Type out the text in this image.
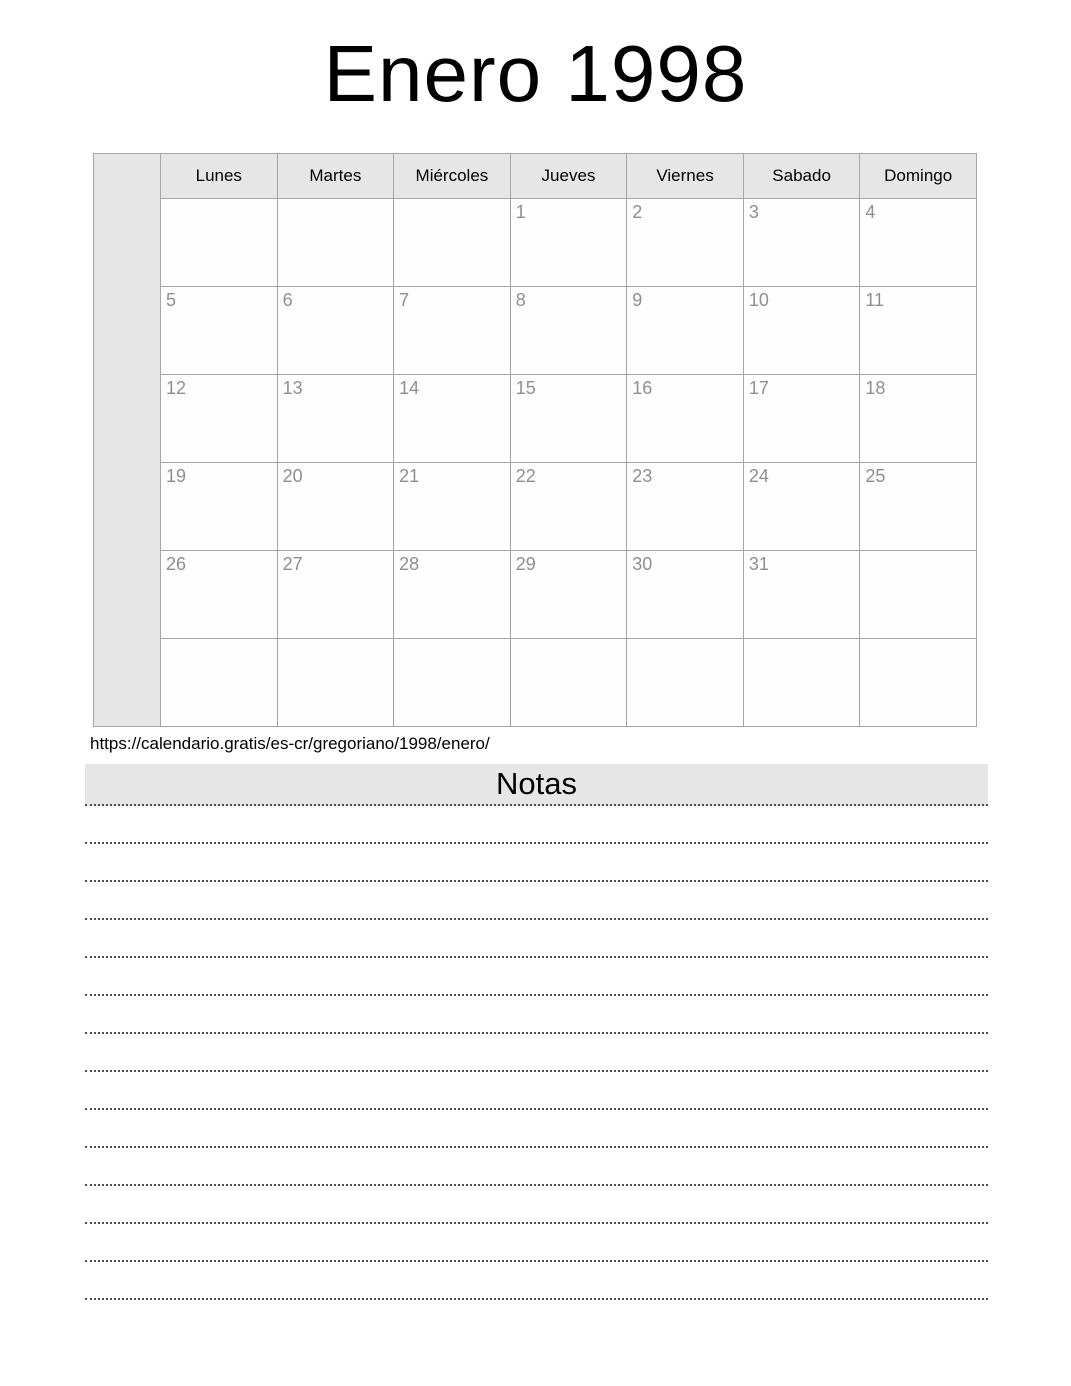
Enero 1998
	Lunes	Martes	Miércoles	Jueves	Viernes	Sabado	Domingo
				1	2	3	4
	5	6	7	8	9	10	11
	12	13	14	15	16	17	18
	19	20	21	22	23	24	25
	26	27	28	29	30	31	

https://calendario.gratis/es-cr/gregoriano/1998/enero/
Notas
